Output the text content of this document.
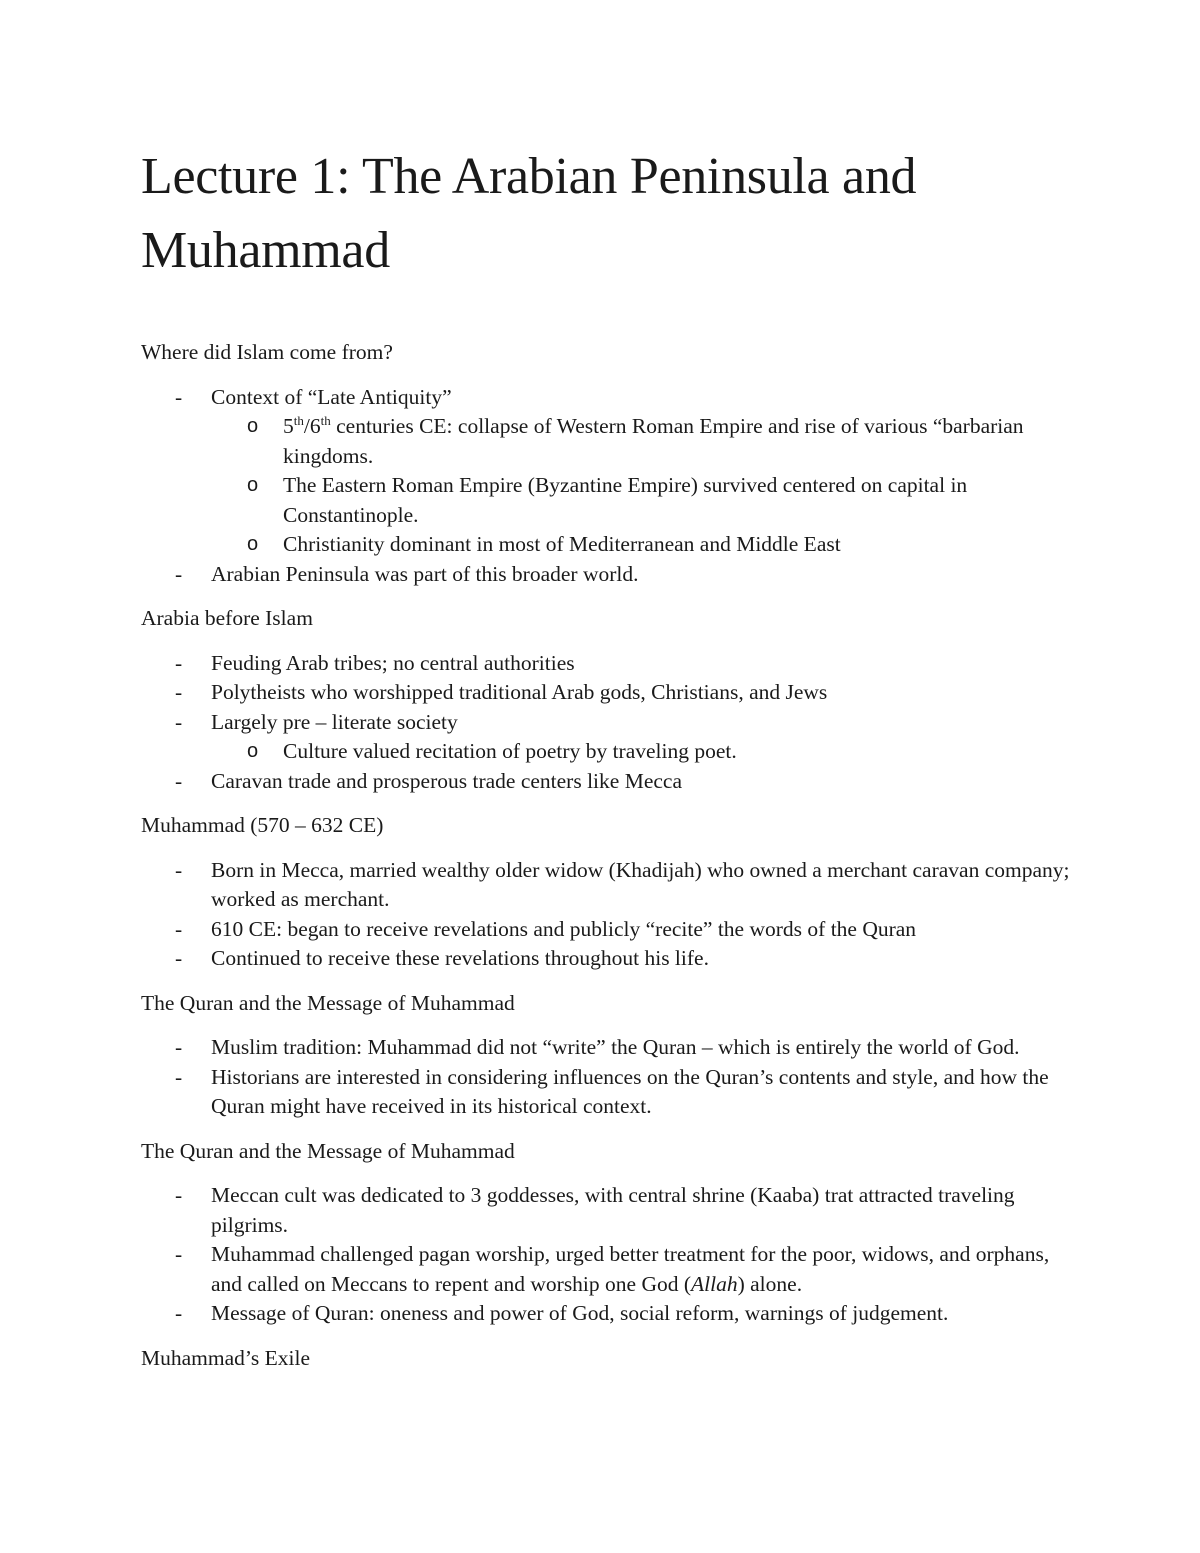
Lecture 1: The Arabian Peninsula and Muhammad

Where did Islam come from?

- Context of “Late Antiquity”
o 5th/6th centuries CE: collapse of Western Roman Empire and rise of various “barbarian kingdoms.
o The Eastern Roman Empire (Byzantine Empire) survived centered on capital in Constantinople.
o Christianity dominant in most of Mediterranean and Middle East
- Arabian Peninsula was part of this broader world.

Arabia before Islam

- Feuding Arab tribes; no central authorities
- Polytheists who worshipped traditional Arab gods, Christians, and Jews
- Largely pre – literate society
o Culture valued recitation of poetry by traveling poet.
- Caravan trade and prosperous trade centers like Mecca

Muhammad (570 – 632 CE)

- Born in Mecca, married wealthy older widow (Khadijah) who owned a merchant caravan company; worked as merchant.
- 610 CE: began to receive revelations and publicly “recite” the words of the Quran
- Continued to receive these revelations throughout his life.

The Quran and the Message of Muhammad

- Muslim tradition: Muhammad did not “write” the Quran – which is entirely the world of God.
- Historians are interested in considering influences on the Quran’s contents and style, and how the Quran might have received in its historical context.

The Quran and the Message of Muhammad

- Meccan cult was dedicated to 3 goddesses, with central shrine (Kaaba) trat attracted traveling pilgrims.
- Muhammad challenged pagan worship, urged better treatment for the poor, widows, and orphans, and called on Meccans to repent and worship one God (Allah) alone.
- Message of Quran: oneness and power of God, social reform, warnings of judgement.

Muhammad’s Exile
